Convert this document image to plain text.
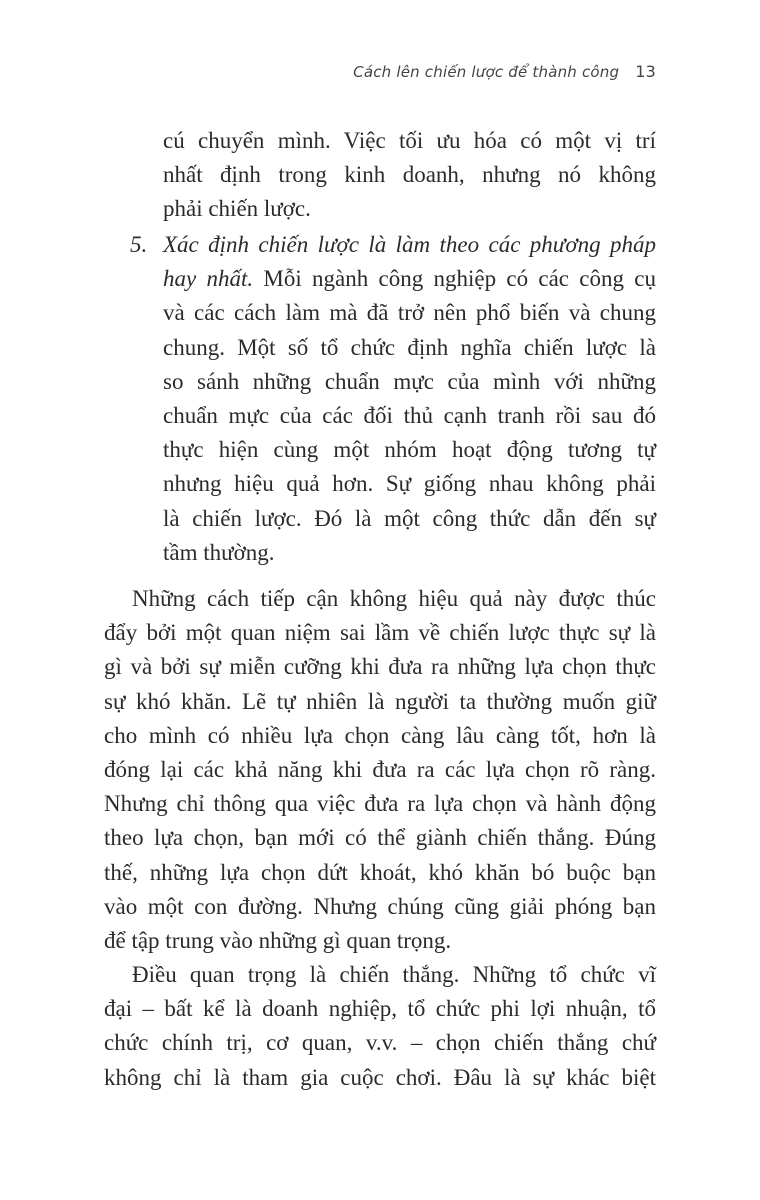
Cách lên chiến lược để thành công 13
cú chuyển mình. Việc tối ưu hóa có một vị trí
nhất định trong kinh doanh, nhưng nó không
phải chiến lược.
5. Xác định chiến lược là làm theo các phương pháp
hay nhất. Mỗi ngành công nghiệp có các công cụ
và các cách làm mà đã trở nên phổ biến và chung
chung. Một số tổ chức định nghĩa chiến lược là
so sánh những chuẩn mực của mình với những
chuẩn mực của các đối thủ cạnh tranh rồi sau đó
thực hiện cùng một nhóm hoạt động tương tự
nhưng hiệu quả hơn. Sự giống nhau không phải
là chiến lược. Đó là một công thức dẫn đến sự
tầm thường.
Những cách tiếp cận không hiệu quả này được thúc
đẩy bởi một quan niệm sai lầm về chiến lược thực sự là
gì và bởi sự miễn cưỡng khi đưa ra những lựa chọn thực
sự khó khăn. Lẽ tự nhiên là người ta thường muốn giữ
cho mình có nhiều lựa chọn càng lâu càng tốt, hơn là
đóng lại các khả năng khi đưa ra các lựa chọn rõ ràng.
Nhưng chỉ thông qua việc đưa ra lựa chọn và hành động
theo lựa chọn, bạn mới có thể giành chiến thắng. Đúng
thế, những lựa chọn dứt khoát, khó khăn bó buộc bạn
vào một con đường. Nhưng chúng cũng giải phóng bạn
để tập trung vào những gì quan trọng.
Điều quan trọng là chiến thắng. Những tổ chức vĩ
đại – bất kể là doanh nghiệp, tổ chức phi lợi nhuận, tổ
chức chính trị, cơ quan, v.v. – chọn chiến thắng chứ
không chỉ là tham gia cuộc chơi. Đâu là sự khác biệt
